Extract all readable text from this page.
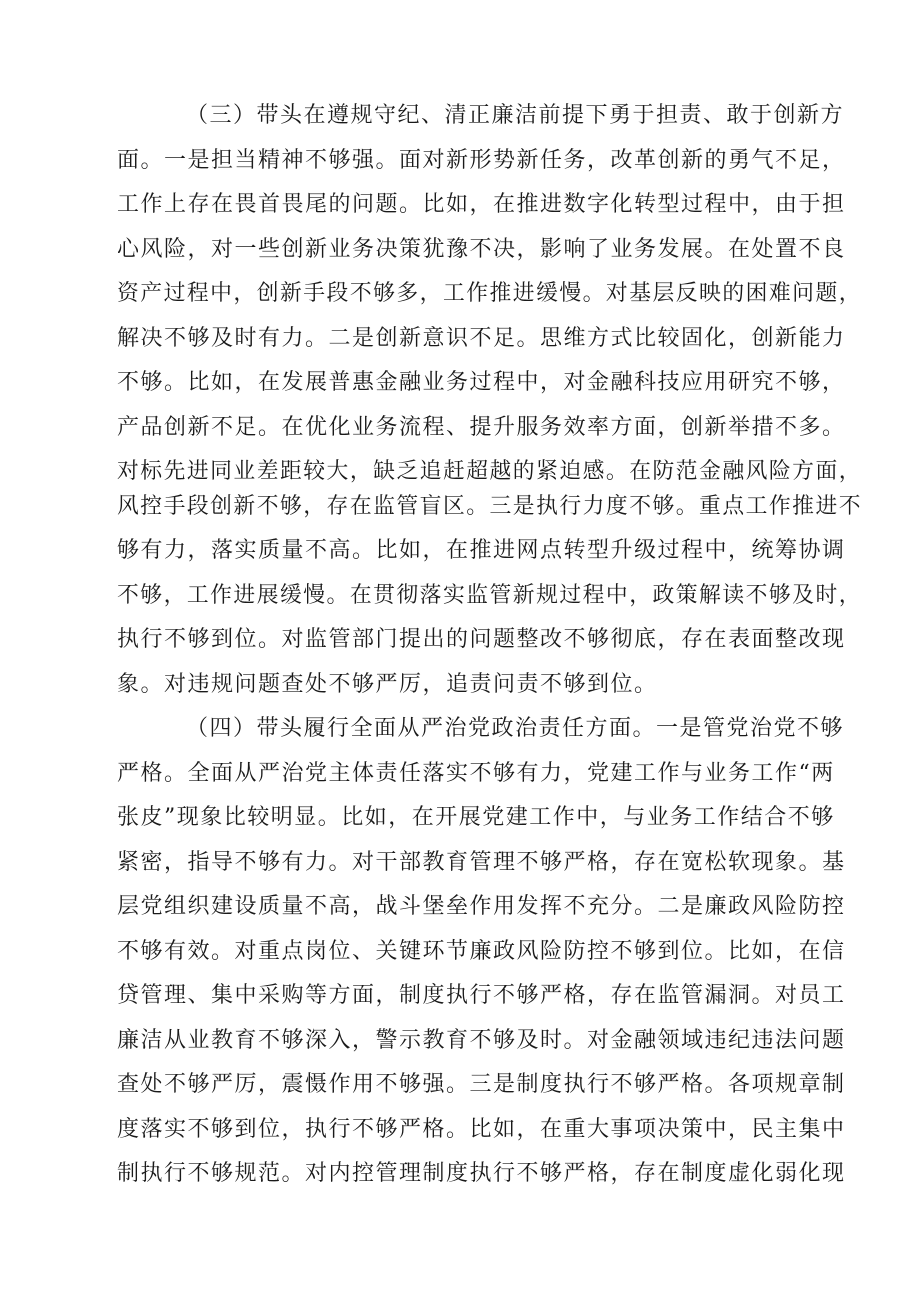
（三）带头在遵规守纪、清正廉洁前提下勇于担责、敢于创新方
面。一是担当精神不够强。面对新形势新任务，改革创新的勇气不足，
工作上存在畏首畏尾的问题。比如，在推进数字化转型过程中，由于担
心风险，对一些创新业务决策犹豫不决，影响了业务发展。在处置不良
资产过程中，创新手段不够多，工作推进缓慢。对基层反映的困难问题，
解决不够及时有力。二是创新意识不足。思维方式比较固化，创新能力
不够。比如，在发展普惠金融业务过程中，对金融科技应用研究不够，
产品创新不足。在优化业务流程、提升服务效率方面，创新举措不多。
对标先进同业差距较大，缺乏追赶超越的紧迫感。在防范金融风险方面，
风控手段创新不够，存在监管盲区。三是执行力度不够。重点工作推进不
够有力，落实质量不高。比如，在推进网点转型升级过程中，统筹协调
不够，工作进展缓慢。在贯彻落实监管新规过程中，政策解读不够及时，
执行不够到位。对监管部门提出的问题整改不够彻底，存在表面整改现
象。对违规问题查处不够严厉，追责问责不够到位。
（四）带头履行全面从严治党政治责任方面。一是管党治党不够
严格。全面从严治党主体责任落实不够有力，党建工作与业务工作“两
张皮”现象比较明显。比如，在开展党建工作中，与业务工作结合不够
紧密，指导不够有力。对干部教育管理不够严格，存在宽松软现象。基
层党组织建设质量不高，战斗堡垒作用发挥不充分。二是廉政风险防控
不够有效。对重点岗位、关键环节廉政风险防控不够到位。比如，在信
贷管理、集中采购等方面，制度执行不够严格，存在监管漏洞。对员工
廉洁从业教育不够深入，警示教育不够及时。对金融领域违纪违法问题
查处不够严厉，震慑作用不够强。三是制度执行不够严格。各项规章制
度落实不够到位，执行不够严格。比如，在重大事项决策中，民主集中
制执行不够规范。对内控管理制度执行不够严格，存在制度虚化弱化现
